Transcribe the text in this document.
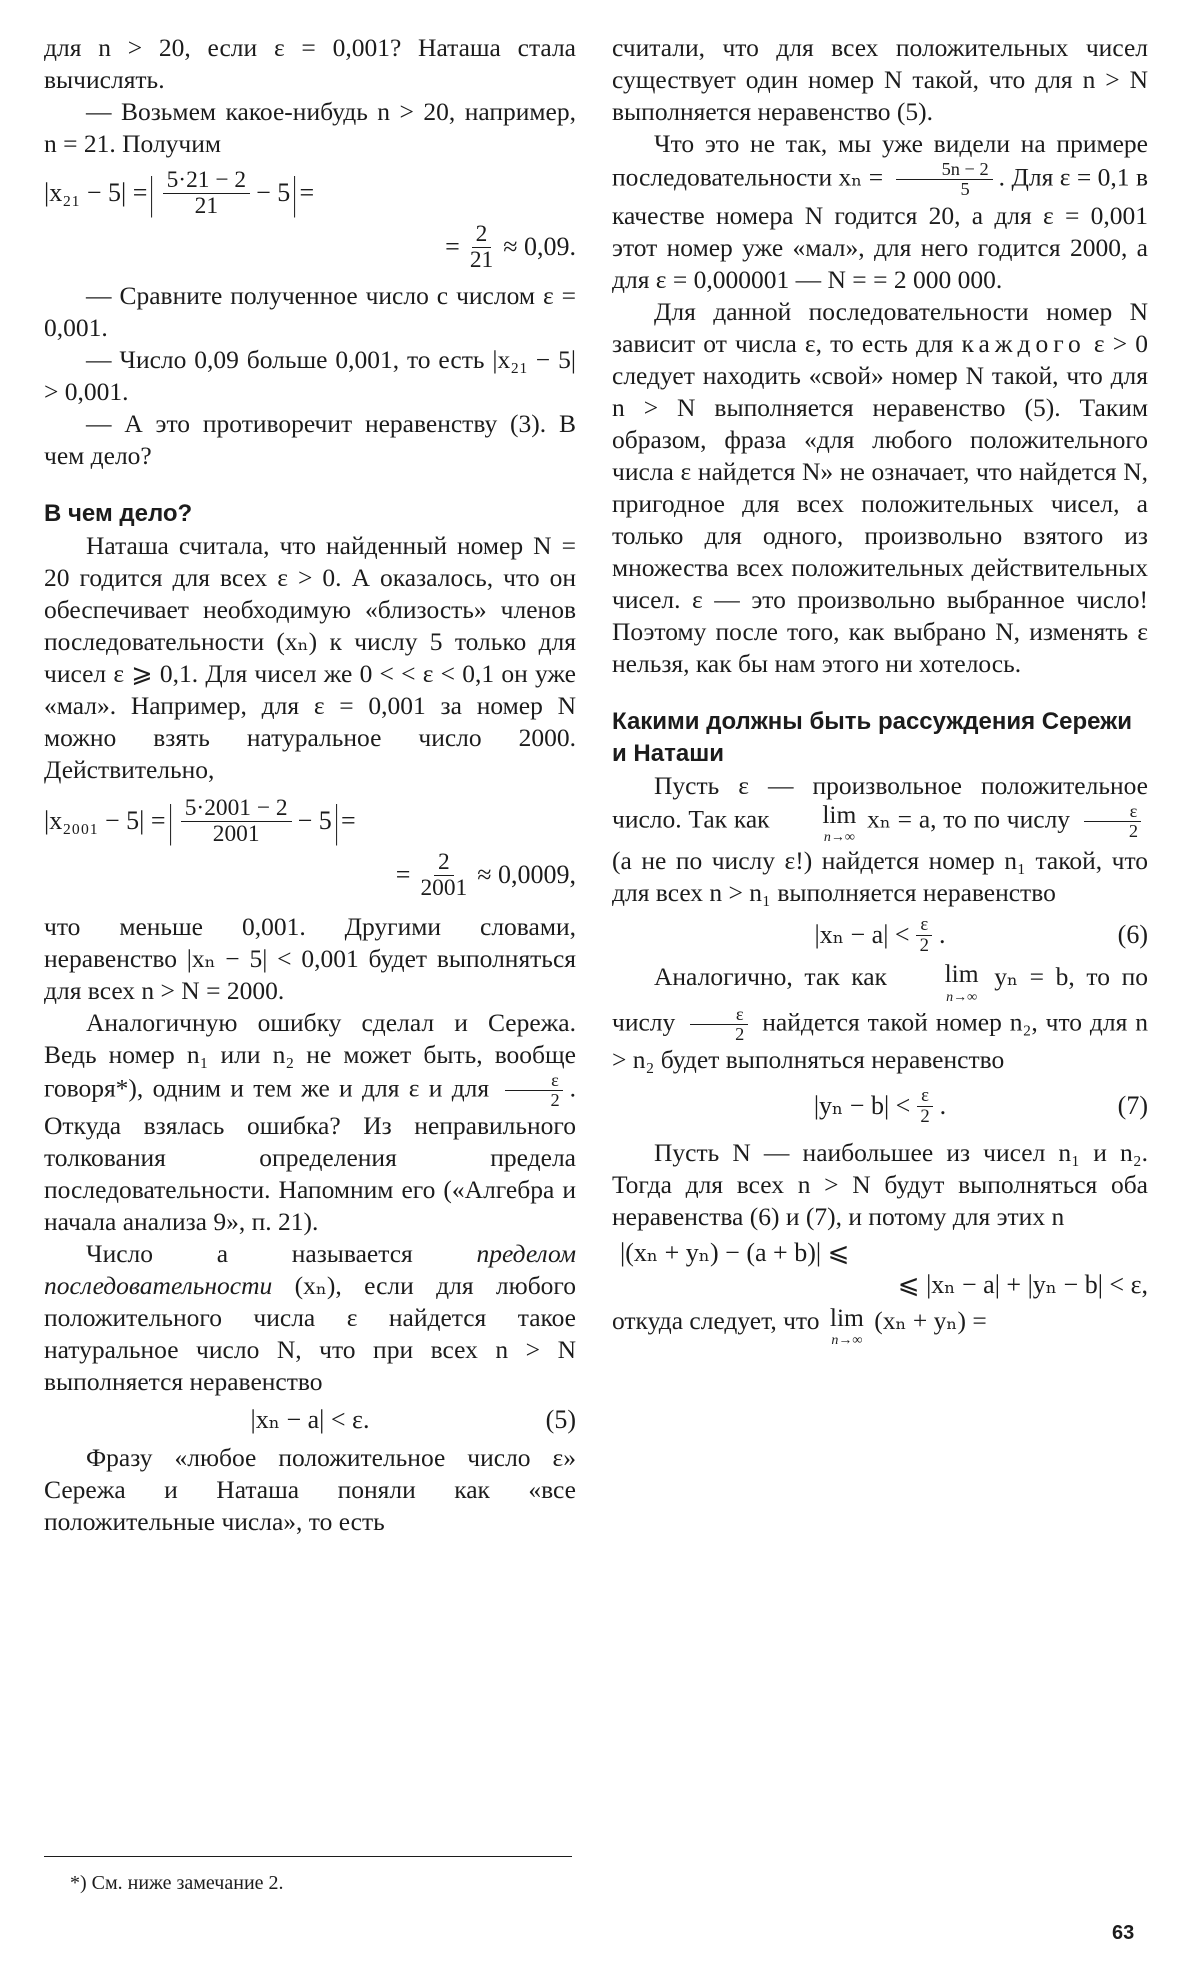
для n > 20, если ε = 0,001? Наташа стала вычислять.

— Возьмем какое-нибудь n > 20, например, n = 21. Получим

|x₂₁ − 5| = | $\frac{5\cdot 21 - 2}{21} - 5$ | =
= $\frac{2}{21} \approx 0,09$.

— Сравните полученное число с числом ε = 0,001.

— Число 0,09 больше 0,001, то есть |x₂₁ − 5| > 0,001.

— А это противоречит неравенству (3). В чем дело?

В чем дело?

Наташа считала, что найденный номер N = 20 годится для всех ε > 0. А оказалось, что он обеспечивает необходимую «близость» членов последовательности (xₙ) к числу 5 только для чисел ε ⩾ 0,1. Для чисел же 0 < < ε < 0,1 он уже «мал». Например, для ε = 0,001 за номер N можно взять натуральное число 2000. Действительно,

|x₂₀₀₁ − 5| = | $\frac{5\cdot 2001 - 2}{2001} - 5$ | =
= $\frac{2}{2001} \approx 0,0009$,

что меньше 0,001. Другими словами, неравенство |xₙ − 5| < 0,001 будет выполняться для всех n > N = 2000.

Аналогичную ошибку сделал и Сережа. Ведь номер n₁ или n₂ не может быть, вообще говоря*), одним и тем же и для ε и для $\frac{\varepsilon}{2}$ . Откуда взялась ошибка? Из неправильного толкования определения предела последовательности. Напомним его («Алгебра и начала анализа 9», п. 21).

Число a называется пределом последовательности (xₙ), если для любого положительного числа ε найдется такое натуральное число N, что при всех n > N выполняется неравенство

|xₙ − a| < ε.	(5)

Фразу «любое положительное число ε» Сережа и Наташа поняли как «все положительные числа», то есть

считали, что для всех положительных чисел существует один номер N такой, что для n > N выполняется неравенство (5).

Что это не так, мы уже видели на примере последовательности $x_n = \frac{5n - 2}{5}$ . Для ε = 0,1 в качестве номера N годится 20, а для ε = 0,001 этот номер уже «мал», для него годится 2000, а для ε = 0,000001 — N = = 2 000 000.

Для данной последовательности номер N зависит от числа ε, то есть для каждого ε > 0 следует находить «свой» номер N такой, что для n > N выполняется неравенство (5). Таким образом, фраза «для любого положительного числа ε найдется N» не означает, что найдется N, пригодное для всех положительных чисел, а только для одного, произвольно взятого из множества всех положительных действительных чисел. ε — это произвольно выбранное число! Поэтому после того, как выбрано N, изменять ε нельзя, как бы нам этого ни хотелось.

Какими должны быть рассуждения Сережи и Наташи

Пусть ε — произвольное положительное число. Так как	lim
n→∞
xₙ = a, то по числу $\frac{\varepsilon}{2}$
(а не по числу ε!) найдется номер n₁ такой, что для всех n > n₁ выполняется неравенство

$|x_n - a| < \frac{\varepsilon}{2}$ .	(6)

Аналогично, так как	lim
n→∞
yₙ = b, то по числу $\frac{\varepsilon}{2}$ найдется такой номер n₂, что для n > n₂ будет выполняться неравенство

$|y_n - b| < \frac{\varepsilon}{2}$ .	(7)

Пусть N — наибольшее из чисел n₁ и n₂. Тогда для всех n > N будут выполняться оба неравенства (6) и (7), и потому для этих n

|(xₙ + yₙ) − (a + b)| ⩽
⩽ |xₙ − a| + |yₙ − b| < ε,

откуда следует, что lim
n→∞
(xₙ + yₙ) =

*) См. ниже замечание 2.
63
